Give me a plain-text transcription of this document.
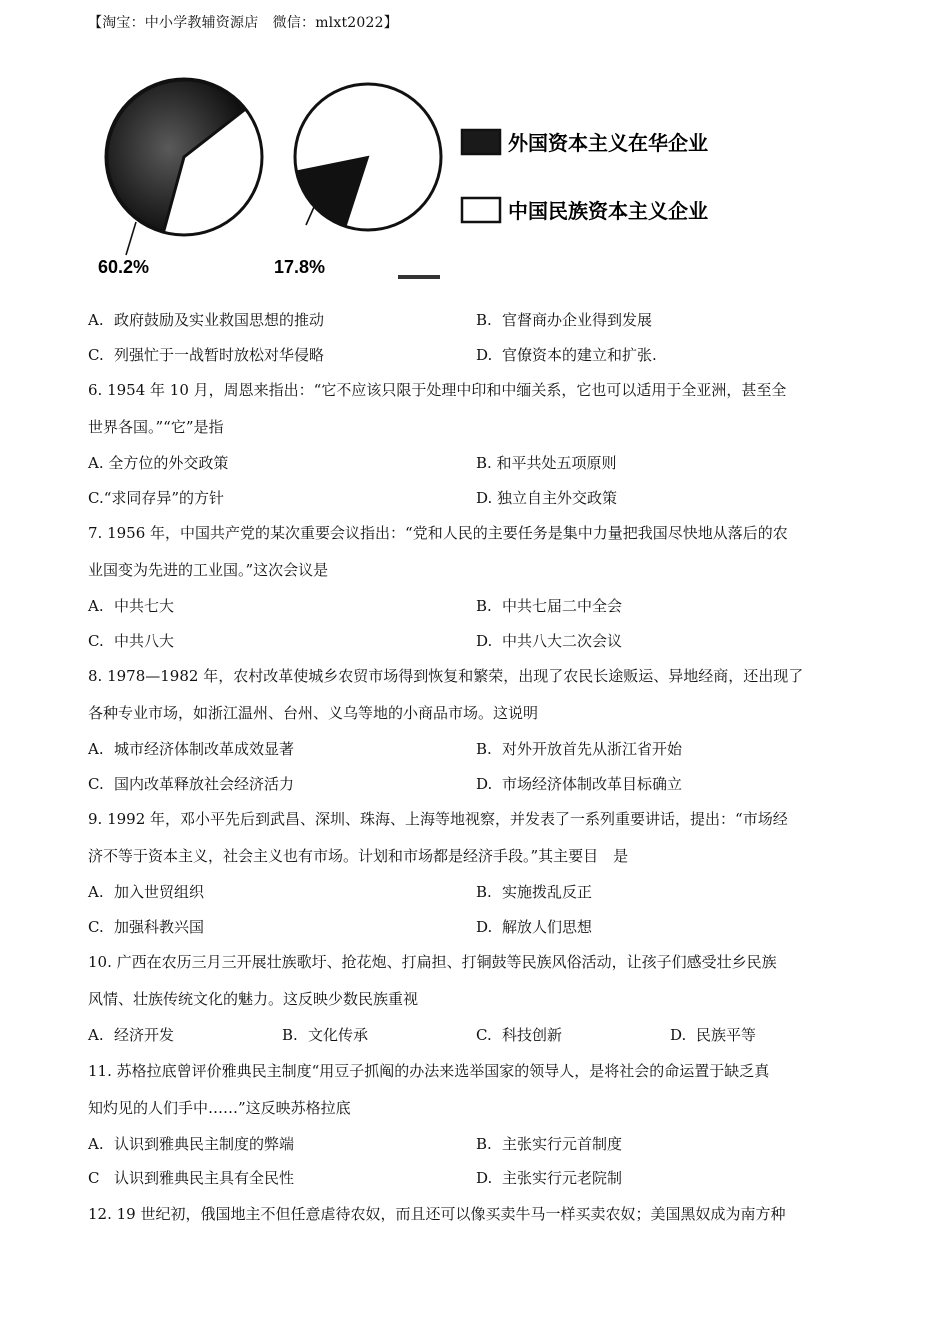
【淘宝：中小学教辅资源店　微信：mlxt2022】
60.2%	17.8%
外国资本主义在华企业
中国民族资本主义企业
A. 政府鼓励及实业救国思想的推动	B. 官督商办企业得到发展
C. 列强忙于一战暂时放松对华侵略	D. 官僚资本的建立和扩张.

6. 1954 年 10 月，周恩来指出：“它不应该只限于处理中印和中缅关系，它也可以适用于全亚洲，甚至全
世界各国。”“它”是指

A. 全方位的外交政策	B. 和平共处五项原则
C.“求同存异”的方针	D. 独立自主外交政策

7. 1956 年，中国共产党的某次重要会议指出：“党和人民的主要任务是集中力量把我国尽快地从落后的农
业国变为先进的工业国。”这次会议是

A. 中共七大	B. 中共七届二中全会
C. 中共八大	D. 中共八大二次会议

8. 1978—1982 年，农村改革使城乡农贸市场得到恢复和繁荣，出现了农民长途贩运、异地经商，还出现了
各种专业市场，如浙江温州、台州、义乌等地的小商品市场。这说明

A. 城市经济体制改革成效显著	B. 对外开放首先从浙江省开始
C. 国内改革释放社会经济活力	D. 市场经济体制改革目标确立

9. 1992 年，邓小平先后到武昌、深圳、珠海、上海等地视察，并发表了一系列重要讲话，提出：“市场经
济不等于资本主义，社会主义也有市场。计划和市场都是经济手段。”其主要目　是

A. 加入世贸组织	B. 实施拨乱反正
C. 加强科教兴国	D. 解放人们思想

10. 广西在农历三月三开展壮族歌圩、抢花炮、打扁担、打铜鼓等民族风俗活动，让孩子们感受壮乡民族
风情、壮族传统文化的魅力。这反映少数民族重视

A. 经济开发	B. 文化传承	C. 科技创新	D. 民族平等

11. 苏格拉底曾评价雅典民主制度“用豆子抓阄的办法来选举国家的领导人，是将社会的命运置于缺乏真
知灼见的人们手中……”这反映苏格拉底

A. 认识到雅典民主制度的弊端	B. 主张实行元首制度
C 认识到雅典民主具有全民性	D. 主张实行元老院制

12. 19 世纪初，俄国地主不但任意虐待农奴，而且还可以像买卖牛马一样买卖农奴；美国黑奴成为南方种
